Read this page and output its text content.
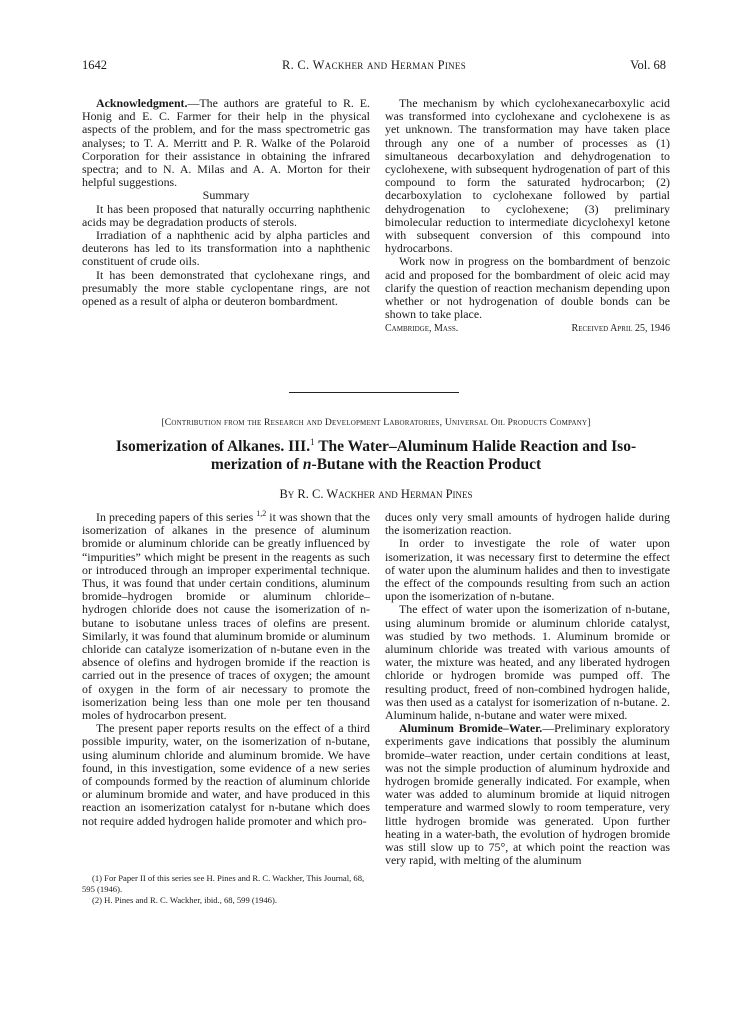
1642	R. C. Wackher and Herman Pines	Vol. 68

Acknowledgment.—The authors are grateful to R. E. Honig and E. C. Farmer for their help in the physical aspects of the problem, and for the mass spectrometric gas analyses; to T. A. Merritt and P. R. Walke of the Polaroid Corporation for their assistance in obtaining the infrared spectra; and to N. A. Milas and A. A. Morton for their helpful suggestions.

Summary

It has been proposed that naturally occurring naphthenic acids may be degradation products of sterols.

Irradiation of a naphthenic acid by alpha particles and deuterons has led to its transformation into a naphthenic constituent of crude oils.

It has been demonstrated that cyclohexane rings, and presumably the more stable cyclopentane rings, are not opened as a result of alpha or deuteron bombardment.

The mechanism by which cyclohexanecarboxylic acid was transformed into cyclohexane and cyclohexene is as yet unknown. The transformation may have taken place through any one of a number of processes as (1) simultaneous decarboxylation and dehydrogenation to cyclohexene, with subsequent hydrogenation of part of this compound to form the saturated hydrocarbon; (2) decarboxylation to cyclohexane followed by partial dehydrogenation to cyclohexene; (3) preliminary bimolecular reduction to intermediate dicyclohexyl ketone with subsequent conversion of this compound into hydrocarbons.

Work now in progress on the bombardment of benzoic acid and proposed for the bombardment of oleic acid may clarify the question of reaction mechanism depending upon whether or not hydrogenation of double bonds can be shown to take place.

Cambridge, Mass.	Received April 25, 1946
[Contribution from the Research and Development Laboratories, Universal Oil Products Company]
Isomerization of Alkanes. III.$^1$ The Water–Aluminum Halide Reaction and Iso-
merization of n-Butane with the Reaction Product
By R. C. Wackher and Herman Pines

In preceding papers of this series $^{1,2}$ it was shown that the isomerization of alkanes in the presence of aluminum bromide or aluminum chloride can be greatly influenced by “impurities” which might be present in the reagents as such or introduced through an improper experimental technique. Thus, it was found that under certain conditions, aluminum bromide–hydrogen bromide or aluminum chloride–hydrogen chloride does not cause the isomerization of n-butane to isobutane unless traces of olefins are present. Similarly, it was found that aluminum bromide or aluminum chloride can catalyze isomerization of n-butane even in the absence of olefins and hydrogen bromide if the reaction is carried out in the presence of traces of oxygen; the amount of oxygen in the form of air necessary to promote the isomerization being less than one mole per ten thousand moles of hydrocarbon present.

The present paper reports results on the effect of a third possible impurity, water, on the isomerization of n-butane, using aluminum chloride and aluminum bromide. We have found, in this investigation, some evidence of a new series of compounds formed by the reaction of aluminum chloride or aluminum bromide and water, and have produced in this reaction an isomerization catalyst for n-butane which does not require added hydrogen halide promoter and which pro-

duces only very small amounts of hydrogen halide during the isomerization reaction.

In order to investigate the role of water upon isomerization, it was necessary first to determine the effect of water upon the aluminum halides and then to investigate the effect of the compounds resulting from such an action upon the isomerization of n-butane.

The effect of water upon the isomerization of n-butane, using aluminum bromide or aluminum chloride catalyst, was studied by two methods. 1. Aluminum bromide or aluminum chloride was treated with various amounts of water, the mixture was heated, and any liberated hydrogen chloride or hydrogen bromide was pumped off. The resulting product, freed of non-combined hydrogen halide, was then used as a catalyst for isomerization of n-butane. 2. Aluminum halide, n-butane and water were mixed.

Aluminum Bromide–Water.—Preliminary exploratory experiments gave indications that possibly the aluminum bromide–water reaction, under certain conditions at least, was not the simple production of aluminum hydroxide and hydrogen bromide generally indicated. For example, when water was added to aluminum bromide at liquid nitrogen temperature and warmed slowly to room temperature, very little hydrogen bromide was generated. Upon further heating in a water-bath, the evolution of hydrogen bromide was still slow up to 75°, at which point the reaction was very rapid, with melting of the aluminum

(1) For Paper II of this series see H. Pines and R. C. Wackher, This Journal, 68, 595 (1946).

(2) H. Pines and R. C. Wackher, ibid., 68, 599 (1946).
